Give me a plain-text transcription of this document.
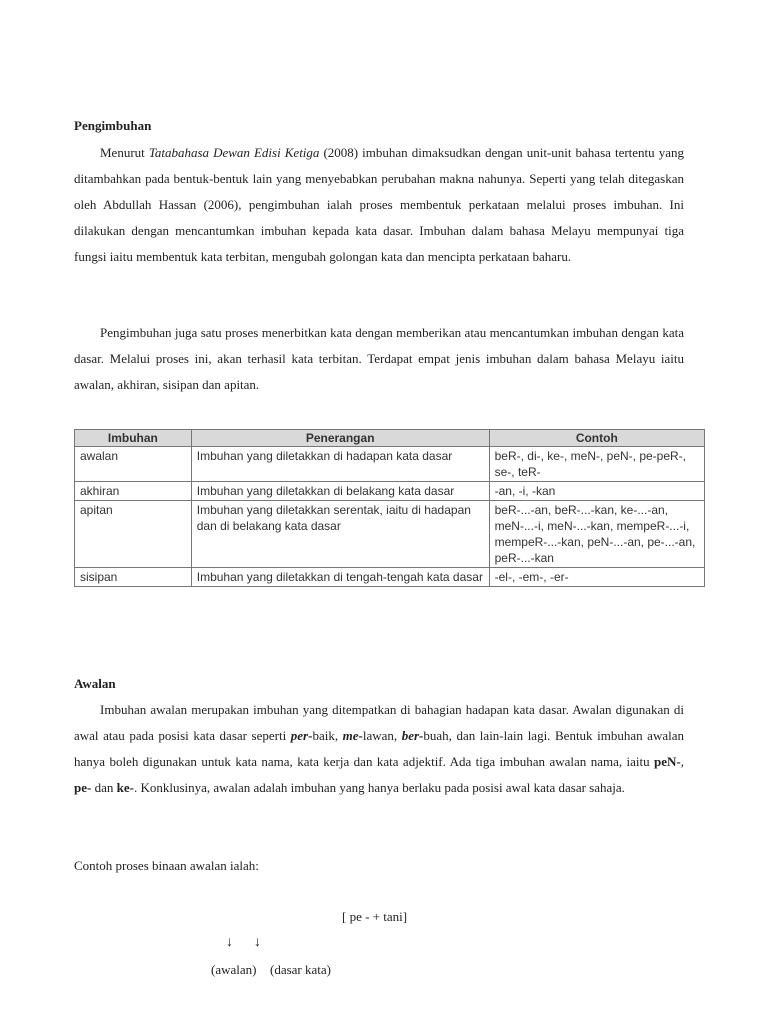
Pengimbuhan

Menurut Tatabahasa Dewan Edisi Ketiga (2008) imbuhan dimaksudkan dengan unit-unit bahasa tertentu yang ditambahkan pada bentuk-bentuk lain yang menyebabkan perubahan makna nahunya. Seperti yang telah ditegaskan oleh Abdullah Hassan (2006), pengimbuhan ialah proses membentuk perkataan melalui proses imbuhan. Ini dilakukan dengan mencantumkan imbuhan kepada kata dasar. Imbuhan dalam bahasa Melayu mempunyai tiga fungsi iaitu membentuk kata terbitan, mengubah golongan kata dan mencipta perkataan baharu.

Pengimbuhan juga satu proses menerbitkan kata dengan memberikan atau mencantumkan imbuhan dengan kata dasar. Melalui proses ini, akan terhasil kata terbitan. Terdapat empat jenis imbuhan dalam bahasa Melayu iaitu awalan, akhiran, sisipan dan apitan.

Imbuhan	Penerangan	Contoh
awalan	Imbuhan yang diletakkan di hadapan kata dasar	beR-, di-, ke-, meN-, peN-, pe-peR-, se-, teR-
akhiran	Imbuhan yang diletakkan di belakang kata dasar	-an, -i, -kan
apitan	Imbuhan yang diletakkan serentak, iaitu di hadapan dan di belakang kata dasar	beR-...-an, beR-...-kan, ke-...-an, meN-...-i, meN-...-kan, mempeR-...-i, mempeR-...-kan, peN-...-an, pe-...-an, peR-...-kan
sisipan	Imbuhan yang diletakkan di tengah-tengah kata dasar	-el-, -em-, -er-
Awalan

Imbuhan awalan merupakan imbuhan yang ditempatkan di bahagian hadapan kata dasar. Awalan digunakan di awal atau pada posisi kata dasar seperti per-baik, me-lawan, ber-buah, dan lain-lain lagi. Bentuk imbuhan awalan hanya boleh digunakan untuk kata nama, kata kerja dan kata adjektif. Ada tiga imbuhan awalan nama, iaitu peN-, pe- dan ke-. Konklusinya, awalan adalah imbuhan yang hanya berlaku pada posisi awal kata dasar sahaja.

Contoh proses binaan awalan ialah:
[ pe - + tani]
↓ ↓
(awalan) (dasar kata)
